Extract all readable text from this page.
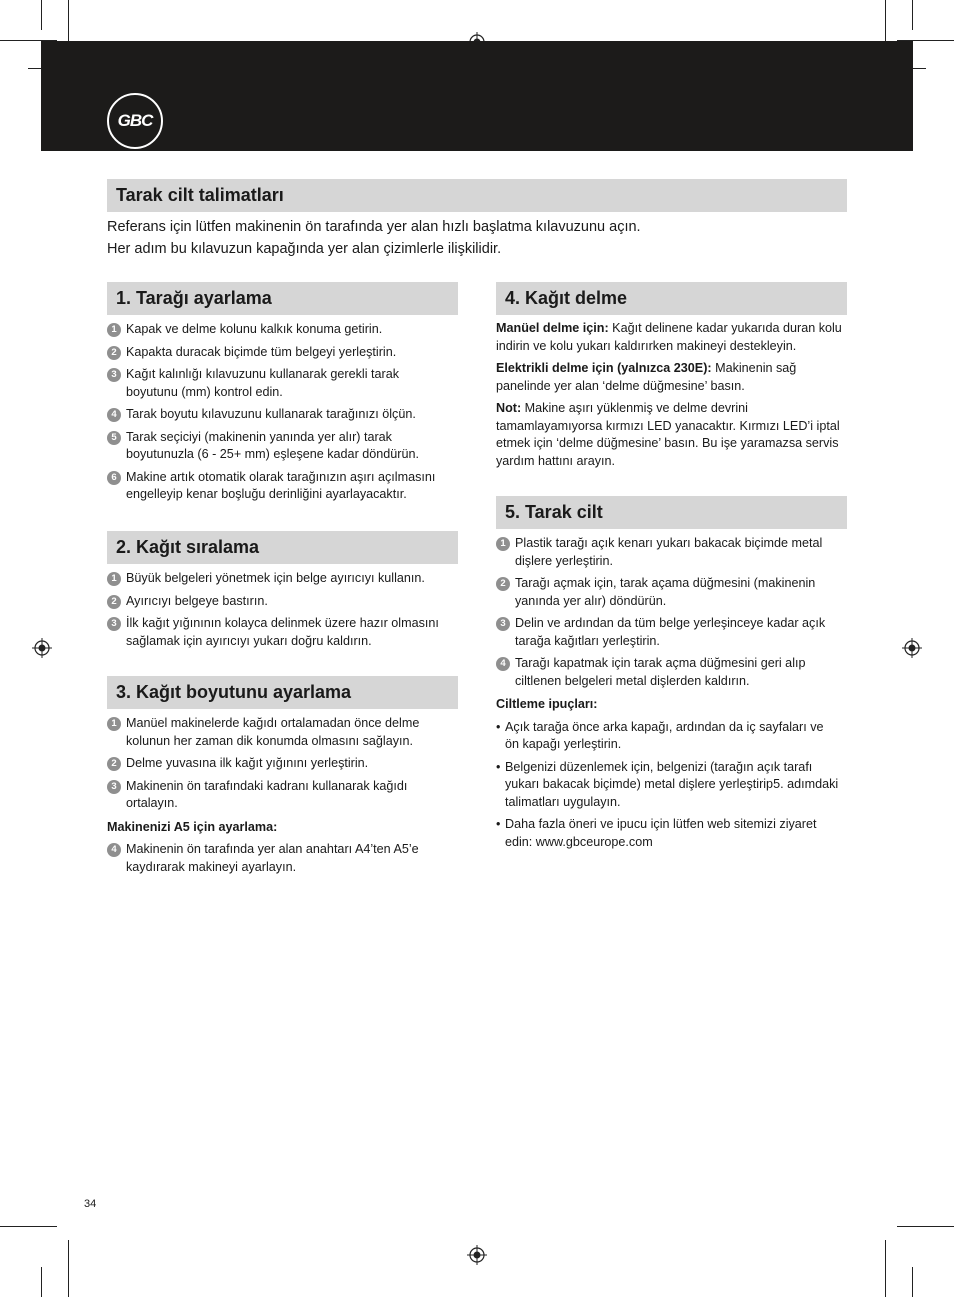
GBC
Tarak cilt talimatları

Referans için lütfen makinenin ön tarafında yer alan hızlı başlatma kılavuzunu açın.

Her adım bu kılavuzun kapağında yer alan çizimlerle ilişkilidir.

1. Tarağı ayarlama
1 Kapak ve delme kolunu kalkık konuma getirin.
2 Kapakta duracak biçimde tüm belgeyi yerleştirin.
3 Kağıt kalınlığı kılavuzunu kullanarak gerekli tarak boyutunu (mm) kontrol edin.
4 Tarak boyutu kılavuzunu kullanarak tarağınızı ölçün.
5 Tarak seçiciyi (makinenin yanında yer alır) tarak boyutunuzla (6 - 25+ mm) eşleşene kadar döndürün.
6 Makine artık otomatik olarak tarağınızın aşırı açılmasını engelleyip kenar boşluğu derinliğini ayarlayacaktır.
2. Kağıt sıralama
1 Büyük belgeleri yönetmek için belge ayırıcıyı kullanın.
2 Ayırıcıyı belgeye bastırın.
3 İlk kağıt yığınının kolayca delinmek üzere hazır olmasını sağlamak için ayırıcıyı yukarı doğru kaldırın.
3. Kağıt boyutunu ayarlama
1 Manüel makinelerde kağıdı ortalamadan önce delme kolunun her zaman dik konumda olmasını sağlayın.
2 Delme yuvasına ilk kağıt yığınını yerleştirin.
3 Makinenin ön tarafındaki kadranı kullanarak kağıdı ortalayın.
Makinenizi A5 için ayarlama:
4 Makinenin ön tarafında yer alan anahtarı A4’ten A5’e kaydırarak makineyi ayarlayın.
4. Kağıt delme

Manüel delme için: Kağıt delinene kadar yukarıda duran kolu indirin ve kolu yukarı kaldırırken makineyi destekleyin.

Elektrikli delme için (yalnızca 230E): Makinenin sağ panelinde yer alan ‘delme düğmesine’ basın.

Not: Makine aşırı yüklenmiş ve delme devrini tamamlayamıyorsa kırmızı LED yanacaktır. Kırmızı LED’i iptal etmek için ‘delme düğmesine’ basın. Bu işe yaramazsa servis yardım hattını arayın.

5. Tarak cilt
1 Plastik tarağı açık kenarı yukarı bakacak biçimde metal dişlere yerleştirin.
2 Tarağı açmak için, tarak açama düğmesini (makinenin yanında yer alır) döndürün.
3 Delin ve ardından da tüm belge yerleşinceye kadar açık tarağa kağıtları yerleştirin.
4 Tarağı kapatmak için tarak açma düğmesini geri alıp ciltlenen belgeleri metal dişlerden kaldırın.
Ciltleme ipuçları:
• Açık tarağa önce arka kapağı, ardından da iç sayfaları ve ön kapağı yerleştirin.
• Belgenizi düzenlemek için, belgenizi (tarağın açık tarafı yukarı bakacak biçimde) metal dişlere yerleştirip5. adımdaki talimatları uygulayın.
• Daha fazla öneri ve ipucu için lütfen web sitemizi ziyaret edin: www.gbceurope.com
34
